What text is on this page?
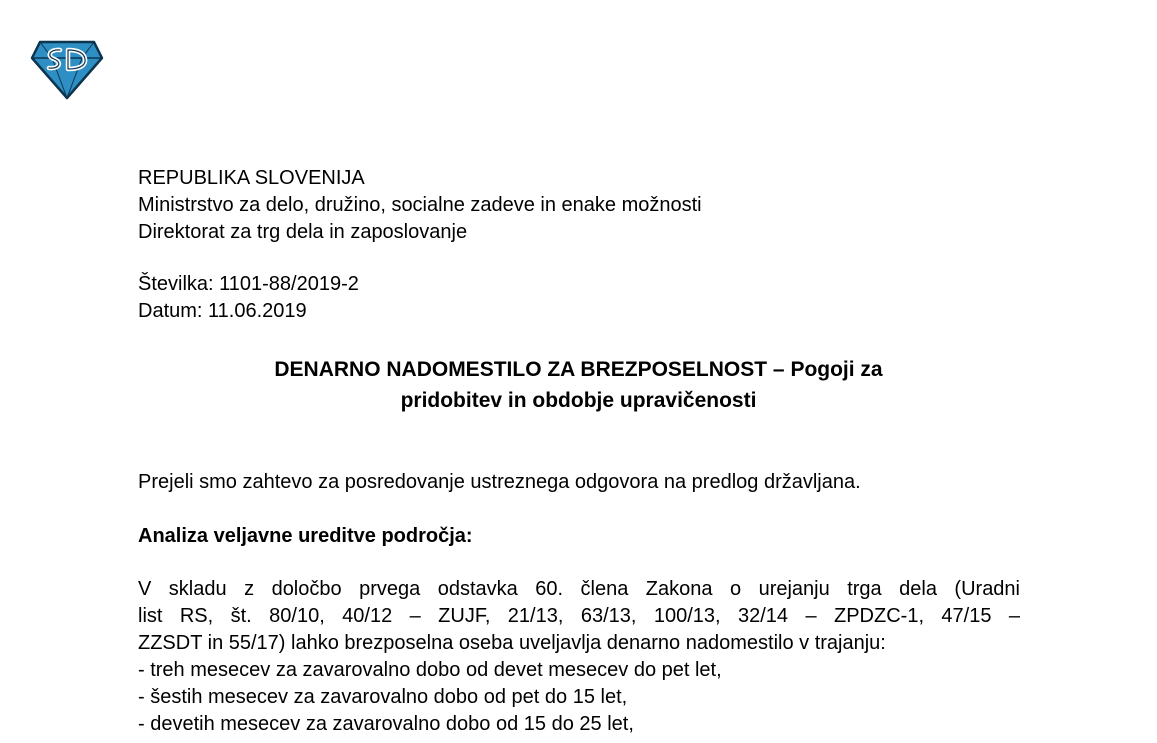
REPUBLIKA SLOVENIJA
Ministrstvo za delo, družino, socialne zadeve in enake možnosti
Direktorat za trg dela in zaposlovanje
Številka: 1101-88/2019-2
Datum: 11.06.2019
DENARNO NADOMESTILO ZA BREZPOSELNOST – Pogoji za
pridobitev in obdobje upravičenosti
Prejeli smo zahtevo za posredovanje ustreznega odgovora na predlog državljana.
Analiza veljavne ureditve področja:
V skladu z določbo prvega odstavka 60. člena Zakona o urejanju trga dela (Uradni
list RS, št. 80/10, 40/12 – ZUJF, 21/13, 63/13, 100/13, 32/14 – ZPDZC-1, 47/15 –
ZZSDT in 55/17) lahko brezposelna oseba uveljavlja denarno nadomestilo v trajanju:
- treh mesecev za zavarovalno dobo od devet mesecev do pet let,
- šestih mesecev za zavarovalno dobo od pet do 15 let,
- devetih mesecev za zavarovalno dobo od 15 do 25 let,
